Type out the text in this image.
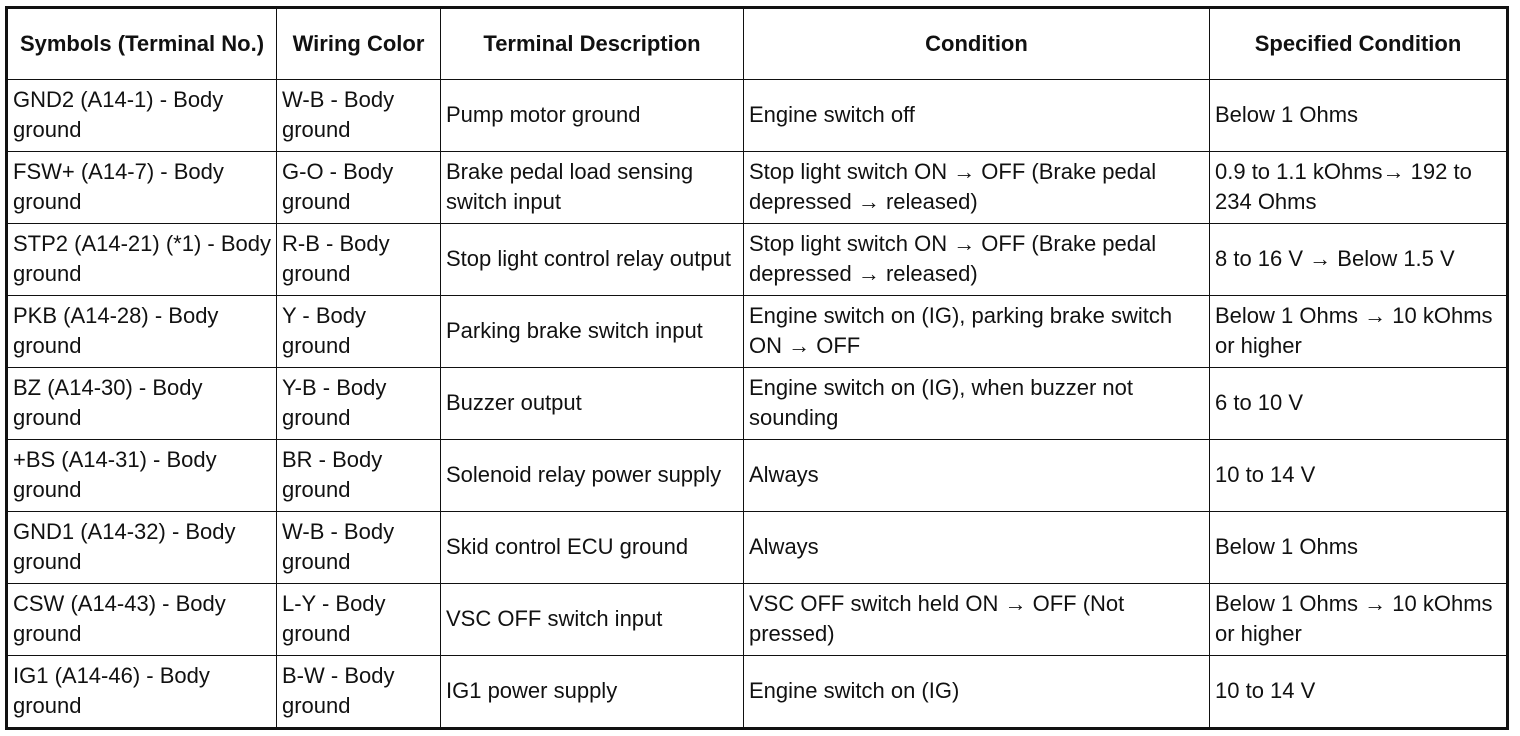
Symbols (Terminal No.)	Wiring Color	Terminal Description	Condition	Specified Condition
GND2 (A14-1) - Body ground	W-B - Body ground	Pump motor ground	Engine switch off	Below 1 Ohms
FSW+ (A14-7) - Body ground	G-O - Body ground	Brake pedal load sensing switch input	Stop light switch ON → OFF (Brake pedal depressed → released)	0.9 to 1.1 kOhms→ 192 to 234 Ohms
STP2 (A14-21) (*1) - Body ground	R-B - Body ground	Stop light control relay output	Stop light switch ON → OFF (Brake pedal depressed → released)	8 to 16 V → Below 1.5 V
PKB (A14-28) - Body ground	Y - Body ground	Parking brake switch input	Engine switch on (IG), parking brake switch ON → OFF	Below 1 Ohms → 10 kOhms or higher
BZ (A14-30) - Body ground	Y-B - Body ground	Buzzer output	Engine switch on (IG), when buzzer not sounding	6 to 10 V
+BS (A14-31) - Body ground	BR - Body ground	Solenoid relay power supply	Always	10 to 14 V
GND1 (A14-32) - Body ground	W-B - Body ground	Skid control ECU ground	Always	Below 1 Ohms
CSW (A14-43) - Body ground	L-Y - Body ground	VSC OFF switch input	VSC OFF switch held ON → OFF (Not pressed)	Below 1 Ohms → 10 kOhms or higher
IG1 (A14-46) - Body ground	B-W - Body ground	IG1 power supply	Engine switch on (IG)	10 to 14 V
